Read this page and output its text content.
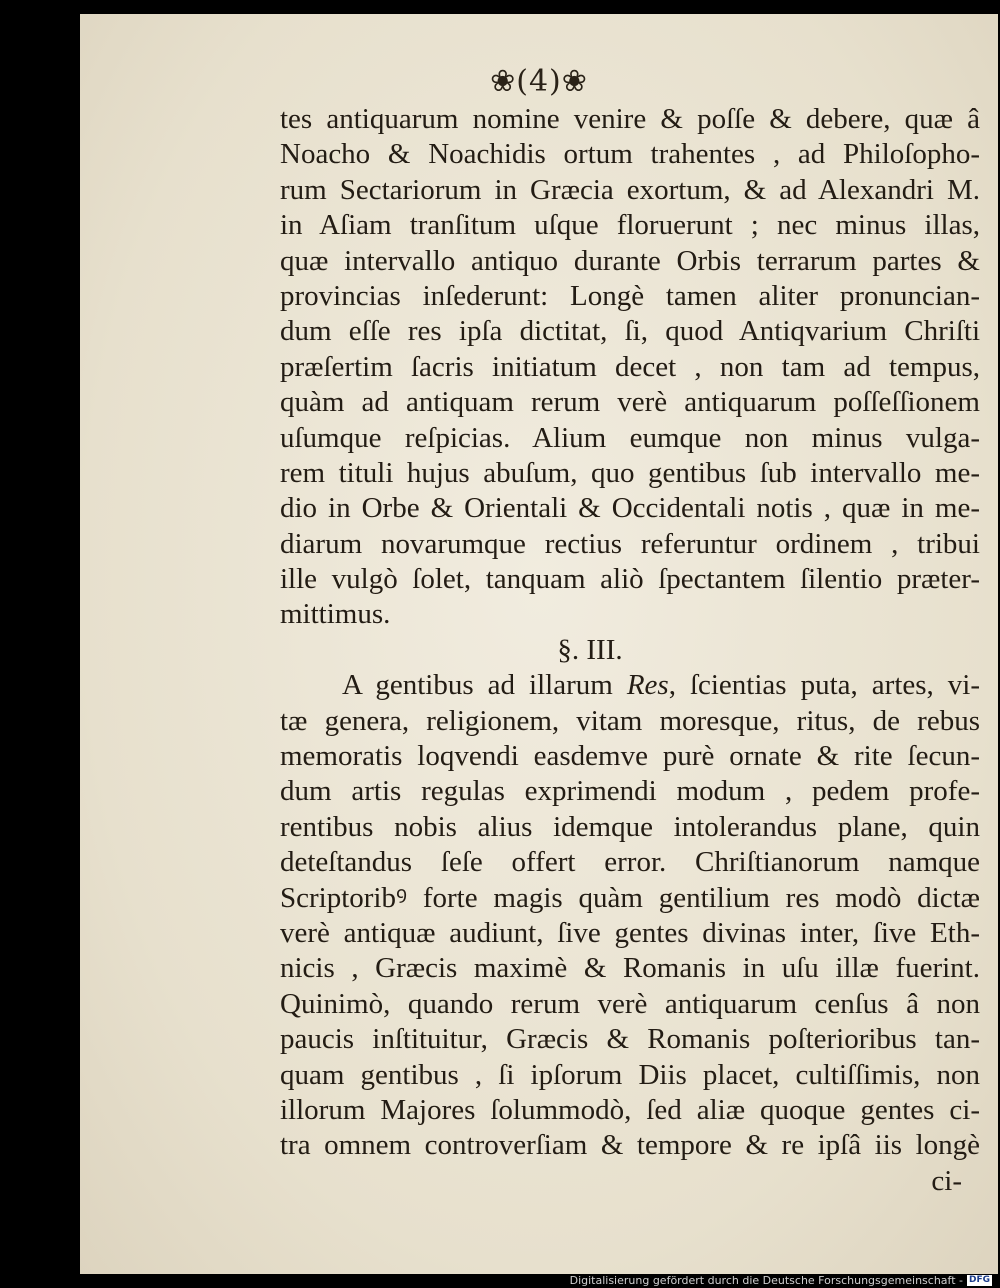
❀(4)❀
tes antiquarum nomine venire & poſſe & debere, quæ â
Noacho & Noachidis ortum trahentes , ad Philoſopho-
rum Sectariorum in Græcia exortum, & ad Alexandri M.
in Aſiam tranſitum uſque floruerunt ; nec minus illas,
quæ intervallo antiquo durante Orbis terrarum partes &
provincias inſederunt: Longè tamen aliter pronuncian-
dum eſſe res ipſa dictitat, ſi, quod Antiqvarium Chriſti
præſertim ſacris initiatum decet , non tam ad tempus,
quàm ad antiquam rerum verè antiquarum poſſeſſionem
uſumque reſpicias. Alium eumque non minus vulga-
rem tituli hujus abuſum, quo gentibus ſub intervallo me-
dio in Orbe & Orientali & Occidentali notis , quæ in me-
diarum novarumque rectius referuntur ordinem , tribui
ille vulgò ſolet, tanquam aliò ſpectantem ſilentio præter-
mittimus.
§. III.
A gentibus ad illarum Res, ſcientias puta, artes, vi-
tæ genera, religionem, vitam moresque, ritus, de rebus
memoratis loqvendi easdemve purè ornate & rite ſecun-
dum artis regulas exprimendi modum , pedem profe-
rentibus nobis alius idemque intolerandus plane, quin
deteſtandus ſeſe offert error. Chriſtianorum namque
Scriptoribꝰ forte magis quàm gentilium res modò dictæ
verè antiquæ audiunt, ſive gentes divinas inter, ſive Eth-
nicis , Græcis maximè & Romanis in uſu illæ fuerint.
Quinimò, quando rerum verè antiquarum cenſus â non
paucis inſtituitur, Græcis & Romanis poſterioribus tan-
quam gentibus , ſi ipſorum Diis placet, cultiſſimis, non
illorum Majores ſolummodò, ſed aliæ quoque gentes ci-
tra omnem controverſiam & tempore & re ipſâ iis longè
ci-
Digitalisierung gefördert durch die Deutsche Forschungsgemeinschaft - DFG
